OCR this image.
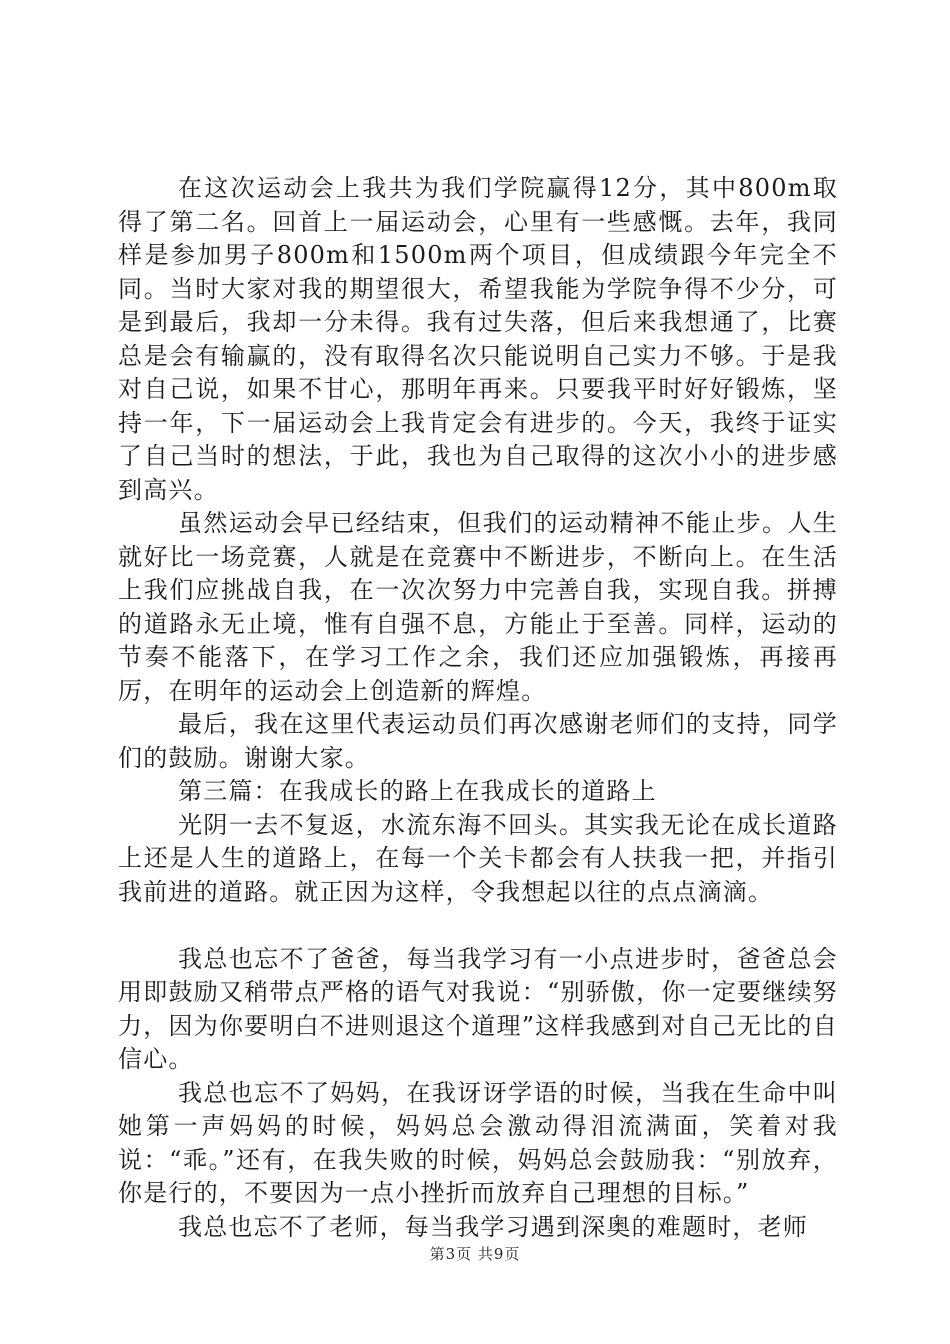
在这次运动会上我共为我们学院赢得12分，其中800m取得了第二名。回首上一届运动会，心里有一些感慨。去年，我同样是参加男子800m和1500m两个项目，但成绩跟今年完全不同。当时大家对我的期望很大，希望我能为学院争得不少分，可是到最后，我却一分未得。我有过失落，但后来我想通了，比赛总是会有输赢的，没有取得名次只能说明自己实力不够。于是我对自己说，如果不甘心，那明年再来。只要我平时好好锻炼，坚持一年，下一届运动会上我肯定会有进步的。今天，我终于证实了自己当时的想法，于此，我也为自己取得的这次小小的进步感到高兴。

虽然运动会早已经结束，但我们的运动精神不能止步。人生就好比一场竞赛，人就是在竞赛中不断进步，不断向上。在生活上我们应挑战自我，在一次次努力中完善自我，实现自我。拼搏的道路永无止境，惟有自强不息，方能止于至善。同样，运动的节奏不能落下，在学习工作之余，我们还应加强锻炼，再接再厉，在明年的运动会上创造新的辉煌。

最后，我在这里代表运动员们再次感谢老师们的支持，同学们的鼓励。谢谢大家。

第三篇：在我成长的路上在我成长的道路上

光阴一去不复返，水流东海不回头。其实我无论在成长道路上还是人生的道路上，在每一个关卡都会有人扶我一把，并指引我前进的道路。就正因为这样，令我想起以往的点点滴滴。

我总也忘不了爸爸，每当我学习有一小点进步时，爸爸总会用即鼓励又稍带点严格的语气对我说：“别骄傲，你一定要继续努力，因为你要明白不进则退这个道理”这样我感到对自己无比的自信心。

我总也忘不了妈妈，在我讶讶学语的时候，当我在生命中叫她第一声妈妈的时候，妈妈总会激动得泪流满面，笑着对我说：“乖。”还有，在我失败的时候，妈妈总会鼓励我：“别放弃，你是行的，不要因为一点小挫折而放弃自己理想的目标。”

我总也忘不了老师，每当我学习遇到深奥的难题时，老师

第3页 共9页
